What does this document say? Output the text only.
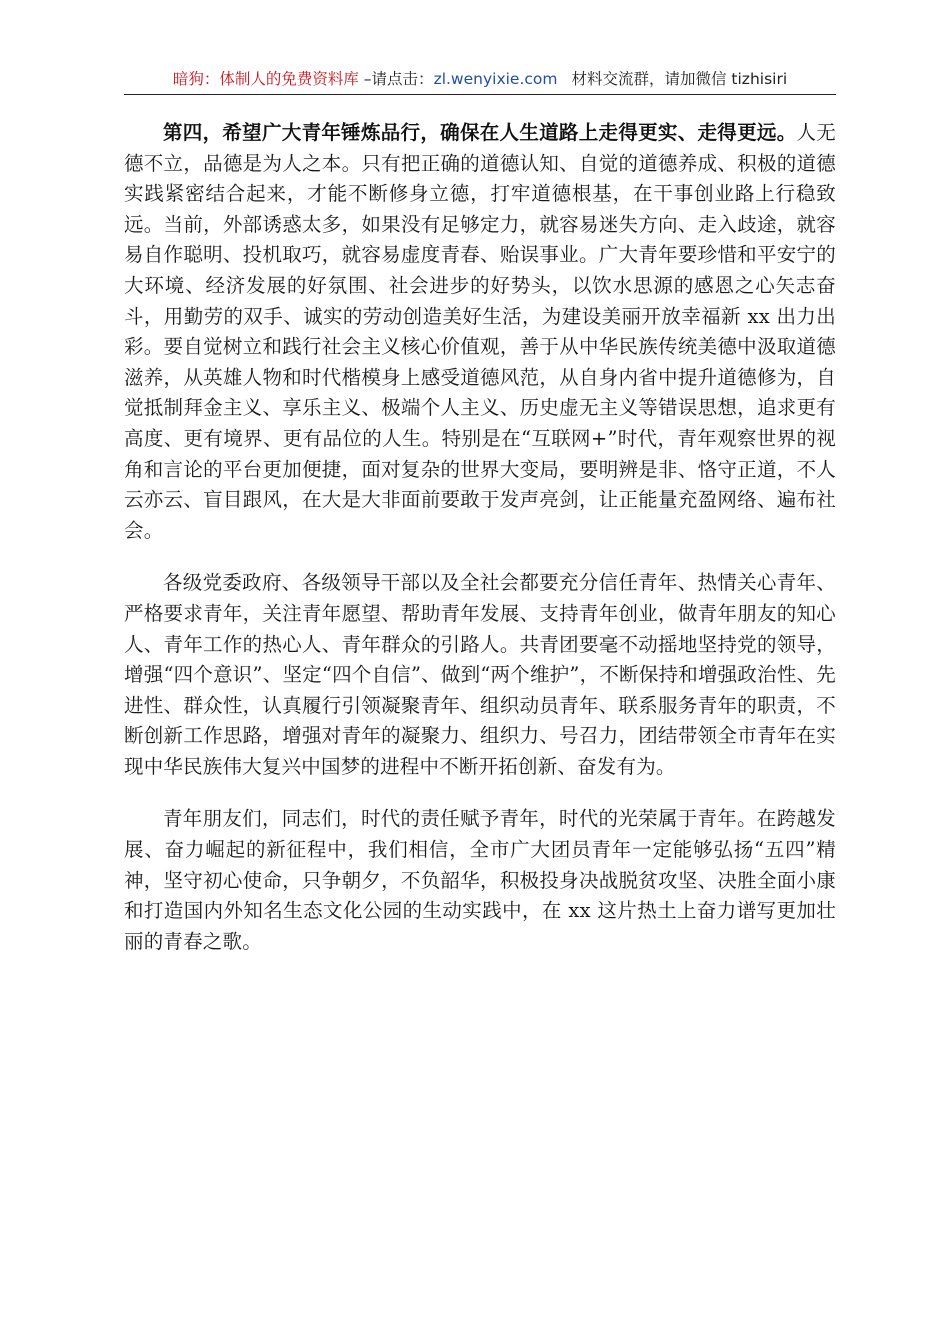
暗狗：体制人的免费资料库 –请点击：zl.wenyixie.com 材料交流群，请加微信 tizhisiri

第四，希望广大青年锤炼品行，确保在人生道路上走得更实、走得更远。人无德不立，品德是为人之本。只有把正确的道德认知、自觉的道德养成、积极的道德实践紧密结合起来，才能不断修身立德，打牢道德根基，在干事创业路上行稳致远。当前，外部诱惑太多，如果没有足够定力，就容易迷失方向、走入歧途，就容易自作聪明、投机取巧，就容易虚度青春、贻误事业。广大青年要珍惜和平安宁的大环境、经济发展的好氛围、社会进步的好势头，以饮水思源的感恩之心矢志奋斗，用勤劳的双手、诚实的劳动创造美好生活，为建设美丽开放幸福新 xx 出力出彩。要自觉树立和践行社会主义核心价值观，善于从中华民族传统美德中汲取道德滋养，从英雄人物和时代楷模身上感受道德风范，从自身内省中提升道德修为，自觉抵制拜金主义、享乐主义、极端个人主义、历史虚无主义等错误思想，追求更有高度、更有境界、更有品位的人生。特别是在“互联网+”时代，青年观察世界的视角和言论的平台更加便捷，面对复杂的世界大变局，要明辨是非、恪守正道，不人云亦云、盲目跟风，在大是大非面前要敢于发声亮剑，让正能量充盈网络、遍布社会。

各级党委政府、各级领导干部以及全社会都要充分信任青年、热情关心青年、严格要求青年，关注青年愿望、帮助青年发展、支持青年创业，做青年朋友的知心人、青年工作的热心人、青年群众的引路人。共青团要毫不动摇地坚持党的领导，增强“四个意识”、坚定“四个自信”、做到“两个维护”，不断保持和增强政治性、先进性、群众性，认真履行引领凝聚青年、组织动员青年、联系服务青年的职责，不断创新工作思路，增强对青年的凝聚力、组织力、号召力，团结带领全市青年在实现中华民族伟大复兴中国梦的进程中不断开拓创新、奋发有为。

青年朋友们，同志们，时代的责任赋予青年，时代的光荣属于青年。在跨越发展、奋力崛起的新征程中，我们相信，全市广大团员青年一定能够弘扬“五四”精神，坚守初心使命，只争朝夕，不负韶华，积极投身决战脱贫攻坚、决胜全面小康和打造国内外知名生态文化公园的生动实践中，在 xx 这片热土上奋力谱写更加壮丽的青春之歌。
